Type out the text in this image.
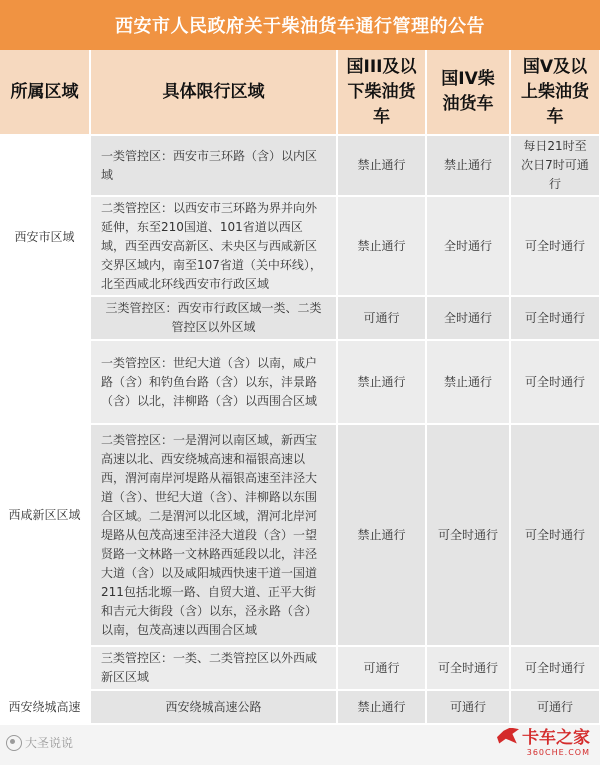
西安市人民政府关于柴油货车通行管理的公告
所属区域	具体限行区域	国III及以下柴油货车	国IV柴油货车	国V及以上柴油货车
西安市区域	一类管控区：西安市三环路（含）以内区域	禁止通行	禁止通行	每日21时至次日7时可通行
	二类管控区：以西安市三环路为界并向外延伸，东至210国道、101省道以西区域，西至西安高新区、未央区与西咸新区交界区域内，南至107省道（关中环线），北至西咸北环线西安市行政区域	禁止通行	全时通行	可全时通行
	三类管控区：西安市行政区域一类、二类管控区以外区域	可通行	全时通行	可全时通行
西咸新区区域	一类管控区：世纪大道（含）以南，咸户路（含）和钓鱼台路（含）以东，沣景路（含）以北，沣柳路（含）以西围合区域	禁止通行	禁止通行	可全时通行
	二类管控区：一是渭河以南区域，新西宝高速以北、西安绕城高速和福银高速以西，渭河南岸河堤路从福银高速至沣泾大道（含）、世纪大道（含）、沣柳路以东围合区域。二是渭河以北区域，渭河北岸河堤路从包茂高速至沣泾大道段（含）一望贤路一文林路一文林路西延段以北，沣泾大道（含）以及咸阳城西快速干道一国道211包括北塬一路、自贸大道、正平大街和吉元大街段（含）以东，泾永路（含）以南，包茂高速以西围合区域	禁止通行	可全时通行	可全时通行
	三类管控区：一类、二类管控区以外西咸新区区域	可通行	可全时通行	可全时通行
西安绕城高速	西安绕城高速公路	禁止通行	可通行	可通行
大圣说说	卡车之家
360CHE.COM
